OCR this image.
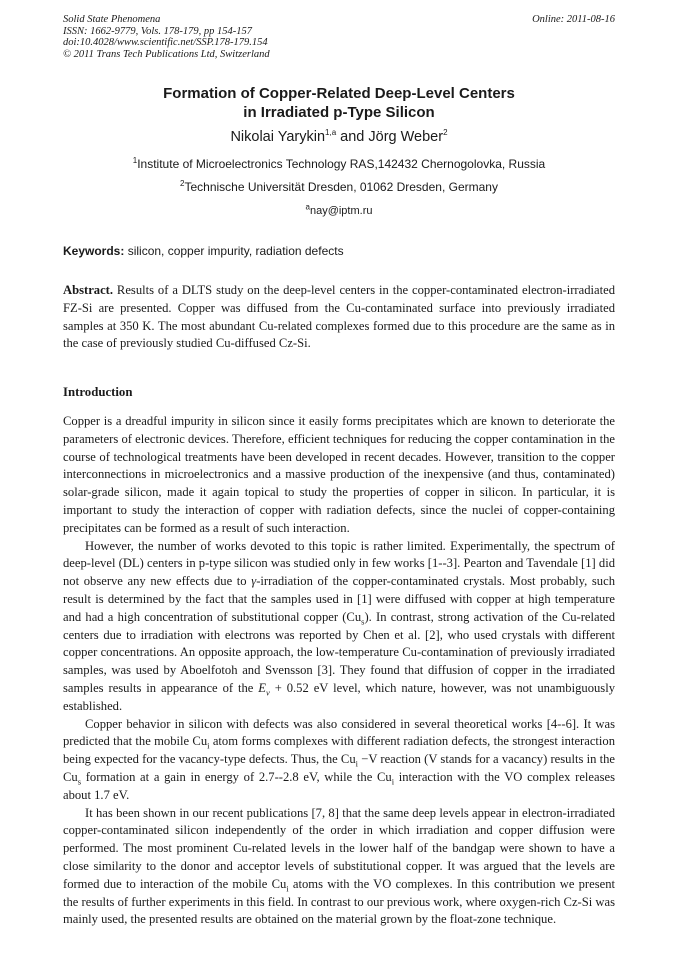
Solid State Phenomena
ISSN: 1662-9779, Vols. 178-179, pp 154-157
doi:10.4028/www.scientific.net/SSP.178-179.154
© 2011 Trans Tech Publications Ltd, Switzerland
Online: 2011-08-16
Formation of Copper-Related Deep-Level Centers
in Irradiated p-Type Silicon
Nikolai Yarykin$^{1,a}$ and Jörg Weber$^2$
$^1$Institute of Microelectronics Technology RAS,142432 Chernogolovka, Russia
$^2$Technische Universität Dresden, 01062 Dresden, Germany
$^a$nay@iptm.ru
Keywords: silicon, copper impurity, radiation defects
Abstract. Results of a DLTS study on the deep-level centers in the copper-contaminated electron-irradiated FZ-Si are presented. Copper was diffused from the Cu-contaminated surface into previously irradiated samples at 350 K. The most abundant Cu-related complexes formed due to this procedure are the same as in the case of previously studied Cu-diffused Cz-Si.
Introduction

Copper is a dreadful impurity in silicon since it easily forms precipitates which are known to deteriorate the parameters of electronic devices. Therefore, efficient techniques for reducing the copper contamination in the course of technological treatments have been developed in recent decades. However, transition to the copper interconnections in microelectronics and a massive production of the inexpensive (and thus, contaminated) solar-grade silicon, made it again topical to study the properties of copper in silicon. In particular, it is important to study the interaction of copper with radiation defects, since the nuclei of copper-containing precipitates can be formed as a result of such interaction.

However, the number of works devoted to this topic is rather limited. Experimentally, the spectrum of deep-level (DL) centers in p-type silicon was studied only in few works [1--3]. Pearton and Tavendale [1] did not observe any new effects due to γ-irradiation of the copper-contaminated crystals. Most probably, such result is determined by the fact that the samples used in [1] were diffused with copper at high temperature and had a high concentration of substitutional copper $(Cu_s)$. In contrast, strong activation of the Cu-related centers due to irradiation with electrons was reported by Chen et al. [2], who used crystals with different copper concentrations. An opposite approach, the low-temperature Cu-contamination of previously irradiated samples, was used by Aboelfotoh and Svensson [3]. They found that diffusion of copper in the irradiated samples results in appearance of the $E_v + 0.52$ eV level, which nature, however, was not unambiguously established.

Copper behavior in silicon with defects was also considered in several theoretical works [4--6]. It was predicted that the mobile $Cu_i$ atom forms complexes with different radiation defects, the strongest interaction being expected for the vacancy-type defects. Thus, the $Cu_i -V$ reaction (V stands for a vacancy) results in the $Cu_s$ formation at a gain in energy of 2.7--2.8 eV, while the $Cu_i$ interaction with the VO complex releases about 1.7 eV.

It has been shown in our recent publications [7, 8] that the same deep levels appear in electron-irradiated copper-contaminated silicon independently of the order in which irradiation and copper diffusion were performed. The most prominent Cu-related levels in the lower half of the bandgap were shown to have a close similarity to the donor and acceptor levels of substitutional copper. It was argued that the levels are formed due to interaction of the mobile $Cu_i$ atoms with the VO complexes. In this contribution we present the results of further experiments in this field. In contrast to our previous work, where oxygen-rich Cz-Si was mainly used, the presented results are obtained on the material grown by the float-zone technique.
